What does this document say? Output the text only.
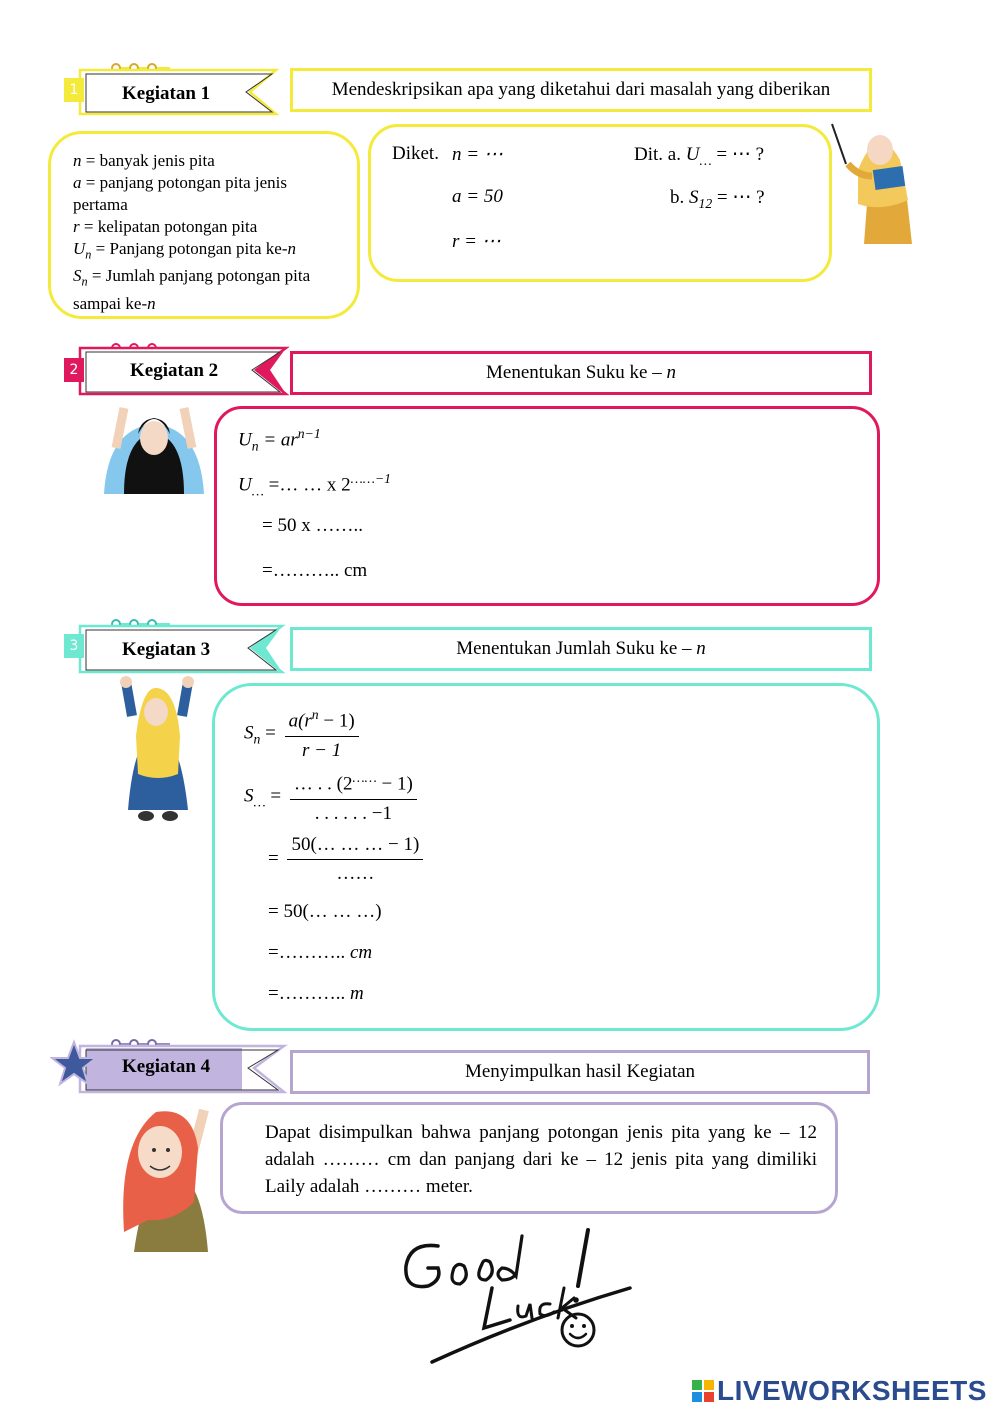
1 Kegiatan 1	Mendeskripsikan apa yang diketahui dari masalah yang diberikan
n = banyak jenis pita
a = panjang potongan pita jenis pertama
r = kelipatan potongan pita
$U_n$ = Panjang potongan pita ke-n
$S_n$ = Jumlah panjang potongan pita sampai ke-n
Diket. n = ⋯
a = 50
r = ⋯
Dit. a. $U_\dots$ = ⋯ ?
b. $S_{12}$ = ⋯ ?
2	Kegiatan 2	Menentukan Suku ke – n
$U_n = ar^{n-1}$
$U_\dots$ =… … x $2^{\dots\dots-1}$
= 50 x ……..
=……….. cm
3 Kegiatan 3	Menentukan Jumlah Suku ke – n
$S_n = \frac{a(r^n - 1)}{r - 1}$
$S_\dots = \frac{\dots . . (2^{\dots\dots} - 1)}{. . . . . . -1}$
= $\frac{50(\dots \dots \dots - 1)}{\dots\dots}$
= 50(… … …)
=……….. cm
=……….. m
Kegiatan 4	Menyimpulkan hasil Kegiatan
Dapat disimpulkan bahwa panjang potongan jenis pita yang ke – 12 adalah ……… cm dan panjang dari ke – 12 jenis pita yang dimiliki Laily adalah ……… meter.
LIVEWORKSHEETS
